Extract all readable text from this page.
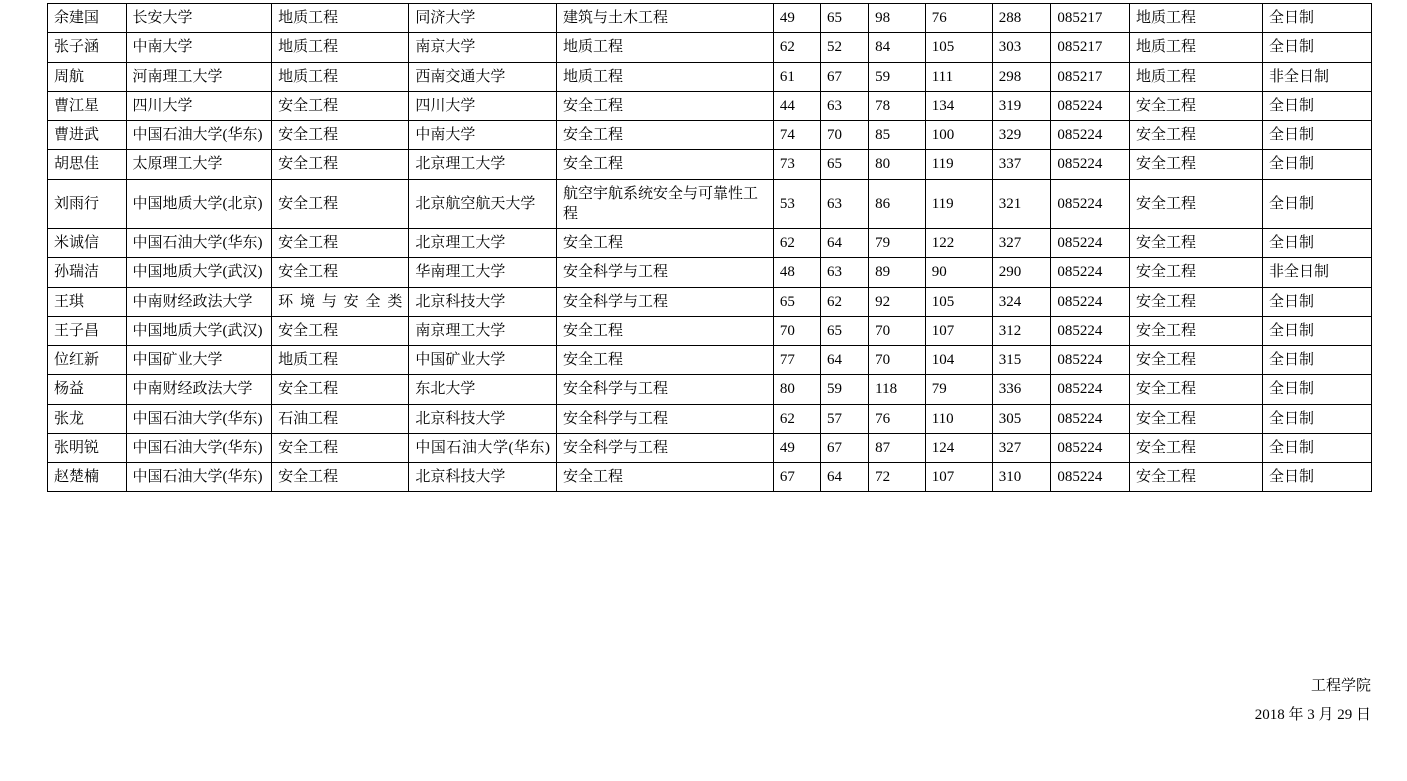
余建国	长安大学	地质工程	同济大学	建筑与土木工程	49	65	98	76	288	085217	地质工程	全日制
张子涵	中南大学	地质工程	南京大学	地质工程	62	52	84	105	303	085217	地质工程	全日制
周航	河南理工大学	地质工程	西南交通大学	地质工程	61	67	59	111	298	085217	地质工程	非全日制
曹江星	四川大学	安全工程	四川大学	安全工程	44	63	78	134	319	085224	安全工程	全日制
曹进武	中国石油大学(华东)	安全工程	中南大学	安全工程	74	70	85	100	329	085224	安全工程	全日制
胡思佳	太原理工大学	安全工程	北京理工大学	安全工程	73	65	80	119	337	085224	安全工程	全日制
刘雨行	中国地质大学(北京)	安全工程	北京航空航天大学	航空宇航系统安全与可靠性工程	53	63	86	119	321	085224	安全工程	全日制
米诚信	中国石油大学(华东)	安全工程	北京理工大学	安全工程	62	64	79	122	327	085224	安全工程	全日制
孙瑞洁	中国地质大学(武汉)	安全工程	华南理工大学	安全科学与工程	48	63	89	90	290	085224	安全工程	非全日制
王琪	中南财经政法大学	环境与安全类	北京科技大学	安全科学与工程	65	62	92	105	324	085224	安全工程	全日制
王子昌	中国地质大学(武汉)	安全工程	南京理工大学	安全工程	70	65	70	107	312	085224	安全工程	全日制
位红新	中国矿业大学	地质工程	中国矿业大学	安全工程	77	64	70	104	315	085224	安全工程	全日制
杨益	中南财经政法大学	安全工程	东北大学	安全科学与工程	80	59	118	79	336	085224	安全工程	全日制
张龙	中国石油大学(华东)	石油工程	北京科技大学	安全科学与工程	62	57	76	110	305	085224	安全工程	全日制
张明锐	中国石油大学(华东)	安全工程	中国石油大学(华东)	安全科学与工程	49	67	87	124	327	085224	安全工程	全日制
赵楚楠	中国石油大学(华东)	安全工程	北京科技大学	安全工程	67	64	72	107	310	085224	安全工程	全日制
工程学院
2018 年 3 月 29 日
